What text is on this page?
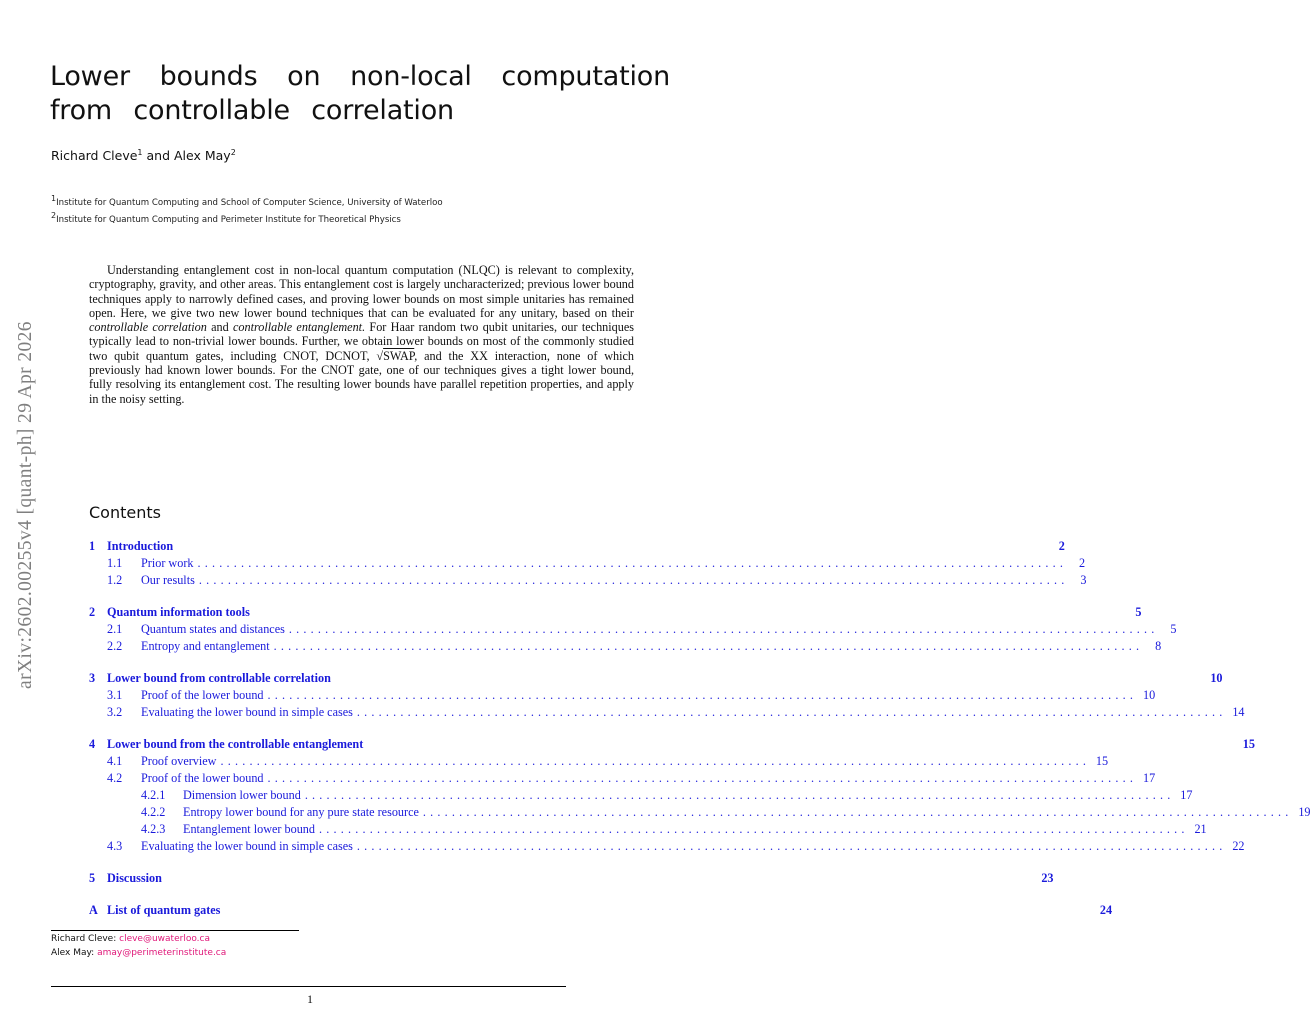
arXiv:2602.00255v4 [quant-ph] 29 Apr 2026
Lower bounds on non-local computation from controllable correlation
Richard Cleve$^1$ and Alex May$^2$
$^1$Institute for Quantum Computing and School of Computer Science, University of Waterloo
$^2$Institute for Quantum Computing and Perimeter Institute for Theoretical Physics

Understanding entanglement cost in non-local quantum computation (NLQC) is relevant to complexity, cryptography, gravity, and other areas. This entanglement cost is largely uncharacterized; previous lower bound techniques apply to narrowly defined cases, and proving lower bounds on most simple unitaries has remained open. Here, we give two new lower bound techniques that can be evaluated for any unitary, based on their controllable correlation and controllable entanglement. For Haar random two qubit unitaries, our techniques typically lead to non-trivial lower bounds. Further, we obtain lower bounds on most of the commonly studied two qubit quantum gates, including CNOT, DCNOT, √SWAP, and the XX interaction, none of which previously had known lower bounds. For the CNOT gate, one of our techniques gives a tight lower bound, fully resolving its entanglement cost. The resulting lower bounds have parallel repetition properties, and apply in the noisy setting.

Contents
1 Introduction	2
1.1	Prior work ........................................................................................................................ 2
1.2	Our results ........................................................................................................................ 3
2 Quantum information tools	5
2.1	Quantum states and distances ........................................................................................................................ 5
2.2	Entropy and entanglement ........................................................................................................................ 8
3 Lower bound from controllable correlation	10
3.1	Proof of the lower bound ........................................................................................................................ 10
3.2	Evaluating the lower bound in simple cases ........................................................................................................................ 14
4 Lower bound from the controllable entanglement	15
4.1	Proof overview ........................................................................................................................ 15
4.2	Proof of the lower bound ........................................................................................................................ 17
4.2.1	Dimension lower bound ........................................................................................................................ 17
4.2.2	Entropy lower bound for any pure state resource ........................................................................................................................ 19
4.2.3	Entanglement lower bound ........................................................................................................................ 21
4.3	Evaluating the lower bound in simple cases ........................................................................................................................ 22
5 Discussion	23
A List of quantum gates	24
Richard Cleve: cleve@uwaterloo.ca
Alex May: amay@perimeterinstitute.ca
1
